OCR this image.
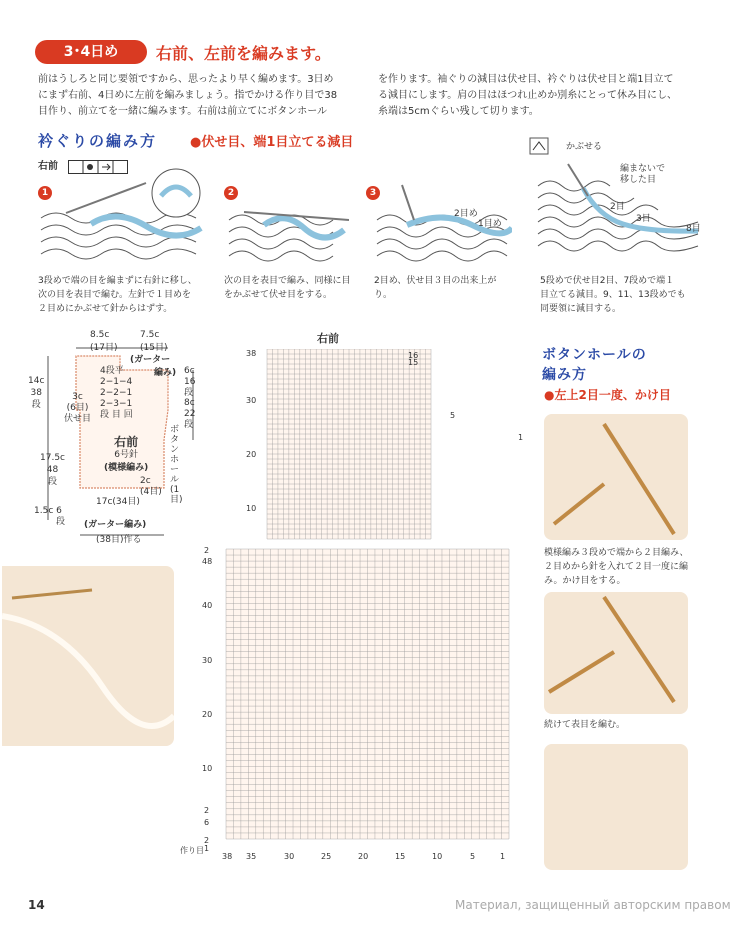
3･4日め	右前、左前を編みます。
前はうしろと同じ要領ですから、思ったより早く編めます。3日め
にまず右前、4日めに左前を編みましょう。指でかける作り目で38
目作り、前立てを一緒に編みます。右前は前立てにボタンホール
を作ります。袖ぐりの減目は伏せ目、衿ぐりは伏せ目と端1目立て
る減目にします。肩の目はほつれ止めか別糸にとって休み目にし、
糸端は5cmぐらい残して切ります。
衿ぐりの編み方	●伏せ目、端1目立てる減目
右前
1	2	3
2目め
1目め
かぶせる
編まないで
移した目
2目
3目
8目
3段めで端の目を編まずに右針に移し、
次の目を表目で編む。左針で１目めを
２目めにかぶせて針からはずす。
次の目を表目で編み、同様に目
をかぶせて伏せ目をする。
2目め、伏せ目３目の出来上が
り。
5段めで伏せ目2目、7段めで端１
目立てる減目。9、11、13段めでも
同要領に減目する。
8.5c
(17目)
7.5c
(15目)
(ガーター
編み)
14c
38
段
3c
(6目)
伏せ目
4段平
2−1−4
2−2−1
2−3−1
段 目 回
6c
16
段
8c
22
段
ボタンホール(1目)
右前
6号針
(模様編み)
17.5c
48
段	2c
(4目)
17c(34目)
1.5c 6
段 (ガーター編み)
(38目)作る
右前
16
15
5
1
38
30
20
10
2
48
40
30
20
10
2
6
2
1
作り目
38 35	30	25	20	15	10	5	1
ボタンホールの
編み方
●左上2目一度、かけ目
模様編み３段めで端から２目編み、
２目めから針を入れて２目一度に編
み。かけ目をする。
続けて表目を編む。
14	Материал, защищенный авторским правом
